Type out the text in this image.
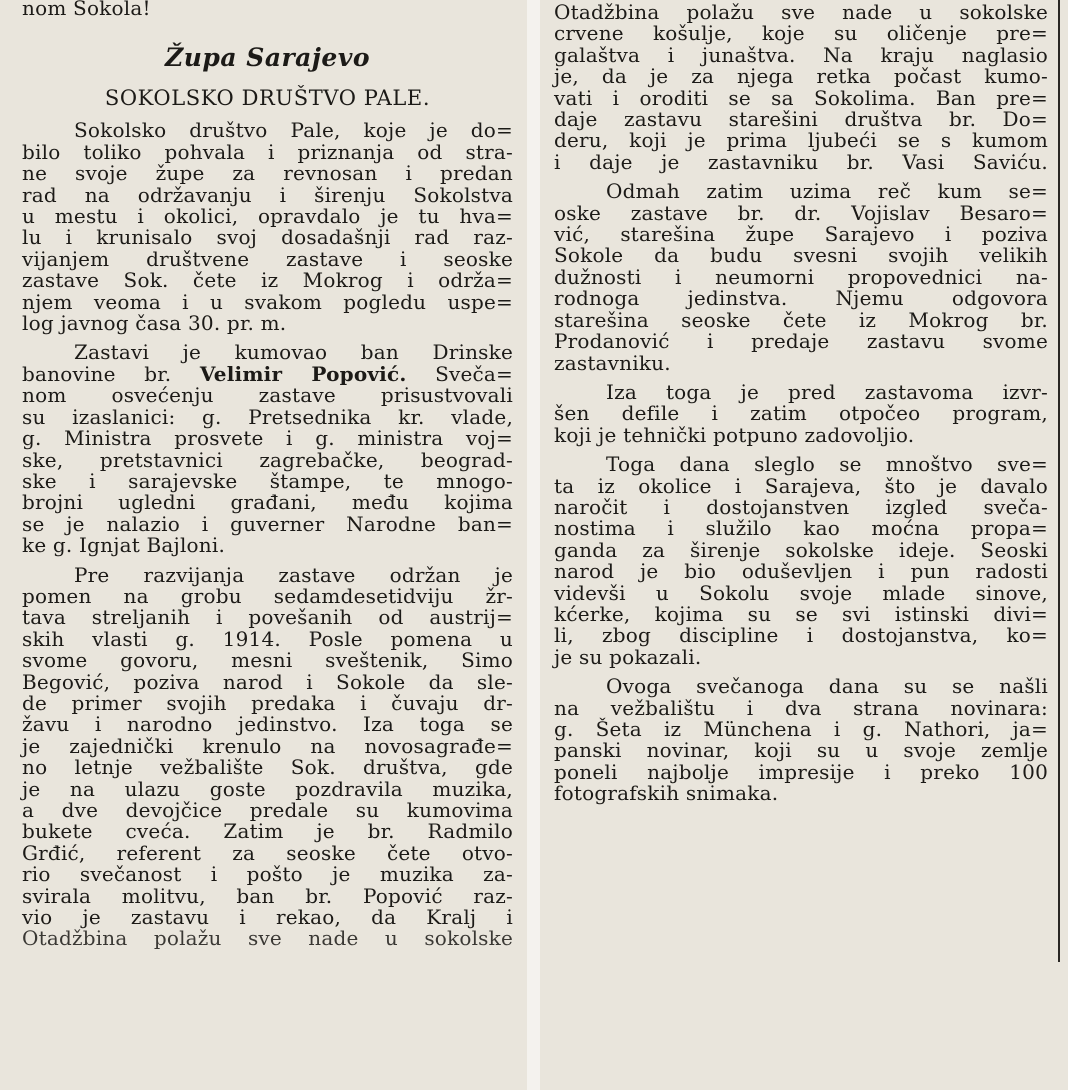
nom Sokola!

Župa Sarajevo
SOKOLSKO DRUŠTVO PALE.

Sokolsko društvo Pale, koje je do=

bilo toliko pohvala i priznanja od stra-

ne svoje župe za revnosan i predan

rad na održavanju i širenju Sokolstva

u mestu i okolici, opravdalo je tu hva=

lu i krunisalo svoj dosadašnji rad raz-

vijanjem društvene zastave i seoske

zastave Sok. čete iz Mokrog i održa=

njem veoma i u svakom pogledu uspe=

log javnog časa 30. pr. m.

Zastavi je kumovao ban Drinske

banovine br. Velimir Popović. Sveča=

nom osvećenju zastave prisustvovali

su izaslanici: g. Pretsednika kr. vlade,

g. Ministra prosvete i g. ministra voj=

ske, pretstavnici zagrebačke, beograd-

ske i sarajevske štampe, te mnogo-

brojni ugledni građani, među kojima

se je nalazio i guverner Narodne ban=

ke g. Ignjat Bajloni.

Pre razvijanja zastave održan je

pomen na grobu sedamdesetidviju žr-

tava streljanih i povešanih od austrij=

skih vlasti g. 1914. Posle pomena u

svome govoru, mesni sveštenik, Simo

Begović, poziva narod i Sokole da sle-

de primer svojih predaka i čuvaju dr-

žavu i narodno jedinstvo. Iza toga se

je zajednički krenulo na novosagrađe=

no letnje vežbalište Sok. društva, gde

je na ulazu goste pozdravila muzika,

a dve devojčice predale su kumovima

bukete cveća. Zatim je br. Radmilo

Grđić, referent za seoske čete otvo-

rio svečanost i pošto je muzika za-

svirala molitvu, ban br. Popović raz-

vio je zastavu i rekao, da Kralj i

Otadžbina polažu sve nade u sokolske

Otadžbina polažu sve nade u sokolske

crvene košulje, koje su oličenje pre=

galaštva i junaštva. Na kraju naglasio

je, da je za njega retka počast kumo-

vati i oroditi se sa Sokolima. Ban pre=

daje zastavu starešini društva br. Do=

deru, koji je prima ljubeći se s kumom

i daje je zastavniku br. Vasi Saviću.

Odmah zatim uzima reč kum se=

oske zastave br. dr. Vojislav Besaro=

vić, starešina župe Sarajevo i poziva

Sokole da budu svesni svojih velikih

dužnosti i neumorni propovednici na-

rodnoga jedinstva. Njemu odgovora

starešina seoske čete iz Mokrog br.

Prodanović i predaje zastavu svome

zastavniku.

Iza toga je pred zastavoma izvr-

šen defile i zatim otpočeo program,

koji je tehnički potpuno zadovoljio.

Toga dana sleglo se mnoštvo sve=

ta iz okolice i Sarajeva, što je davalo

naročit i dostojanstven izgled sveča-

nostima i služilo kao moćna propa=

ganda za širenje sokolske ideje. Seoski

narod je bio oduševljen i pun radosti

videvši u Sokolu svoje mlade sinove,

kćerke, kojima su se svi istinski divi=

li, zbog discipline i dostojanstva, ko=

je su pokazali.

Ovoga svečanoga dana su se našli

na vežbalištu i dva strana novinara:

g. Šeta iz Münchena i g. Nathori, ja=

panski novinar, koji su u svoje zemlje

poneli najbolje impresije i preko 100

fotografskih snimaka.
